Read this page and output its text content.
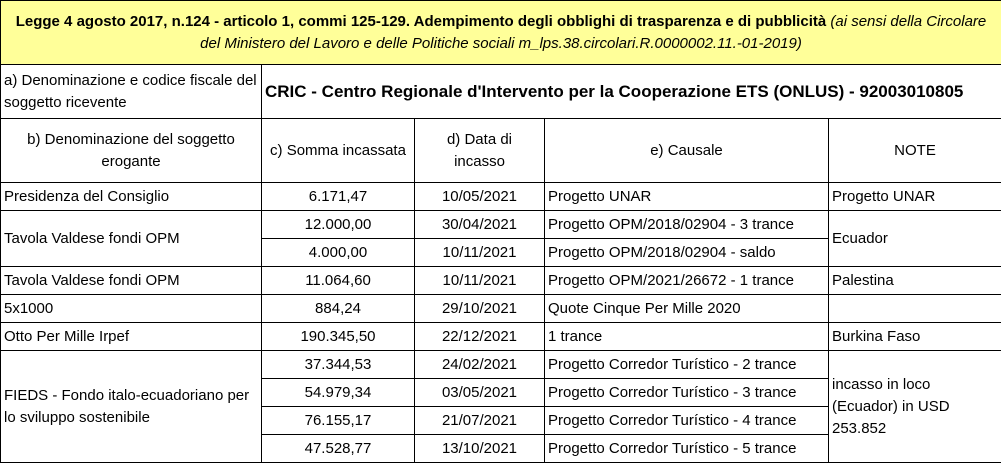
Legge 4 agosto 2017, n.124 - articolo 1, commi 125-129. Adempimento degli obblighi di trasparenza e di pubblicità (ai sensi della Circolare del Ministero del Lavoro e delle Politiche sociali m_lps.38.circolari.R.0000002.11.-01-2019)				
a) Denominazione e codice fiscale del soggetto ricevente	CRIC - Centro Regionale d'Intervento per la Cooperazione ETS (ONLUS) - 92003010805			
b) Denominazione del soggetto erogante	c) Somma incassata	d) Data di incasso	e) Causale	NOTE
Presidenza del Consiglio	6.171,47	10/05/2021	Progetto UNAR	Progetto UNAR
Tavola Valdese fondi OPM	12.000,00	30/04/2021	Progetto OPM/2018/02904 - 3 trance	Ecuador
	4.000,00	10/11/2021	Progetto OPM/2018/02904 - saldo	
Tavola Valdese fondi OPM	11.064,60	10/11/2021	Progetto OPM/2021/26672 - 1 trance	Palestina
5x1000	884,24	29/10/2021	Quote Cinque Per Mille 2020	
Otto Per Mille Irpef	190.345,50	22/12/2021	1 trance	Burkina Faso
FIEDS - Fondo italo-ecuadoriano per lo sviluppo sostenibile	37.344,53	24/02/2021	Progetto Corredor Turístico - 2 trance	incasso in loco (Ecuador) in USD 253.852
	54.979,34	03/05/2021	Progetto Corredor Turístico - 3 trance	
	76.155,17	21/07/2021	Progetto Corredor Turístico - 4 trance	
	47.528,77	13/10/2021	Progetto Corredor Turístico - 5 trance	
